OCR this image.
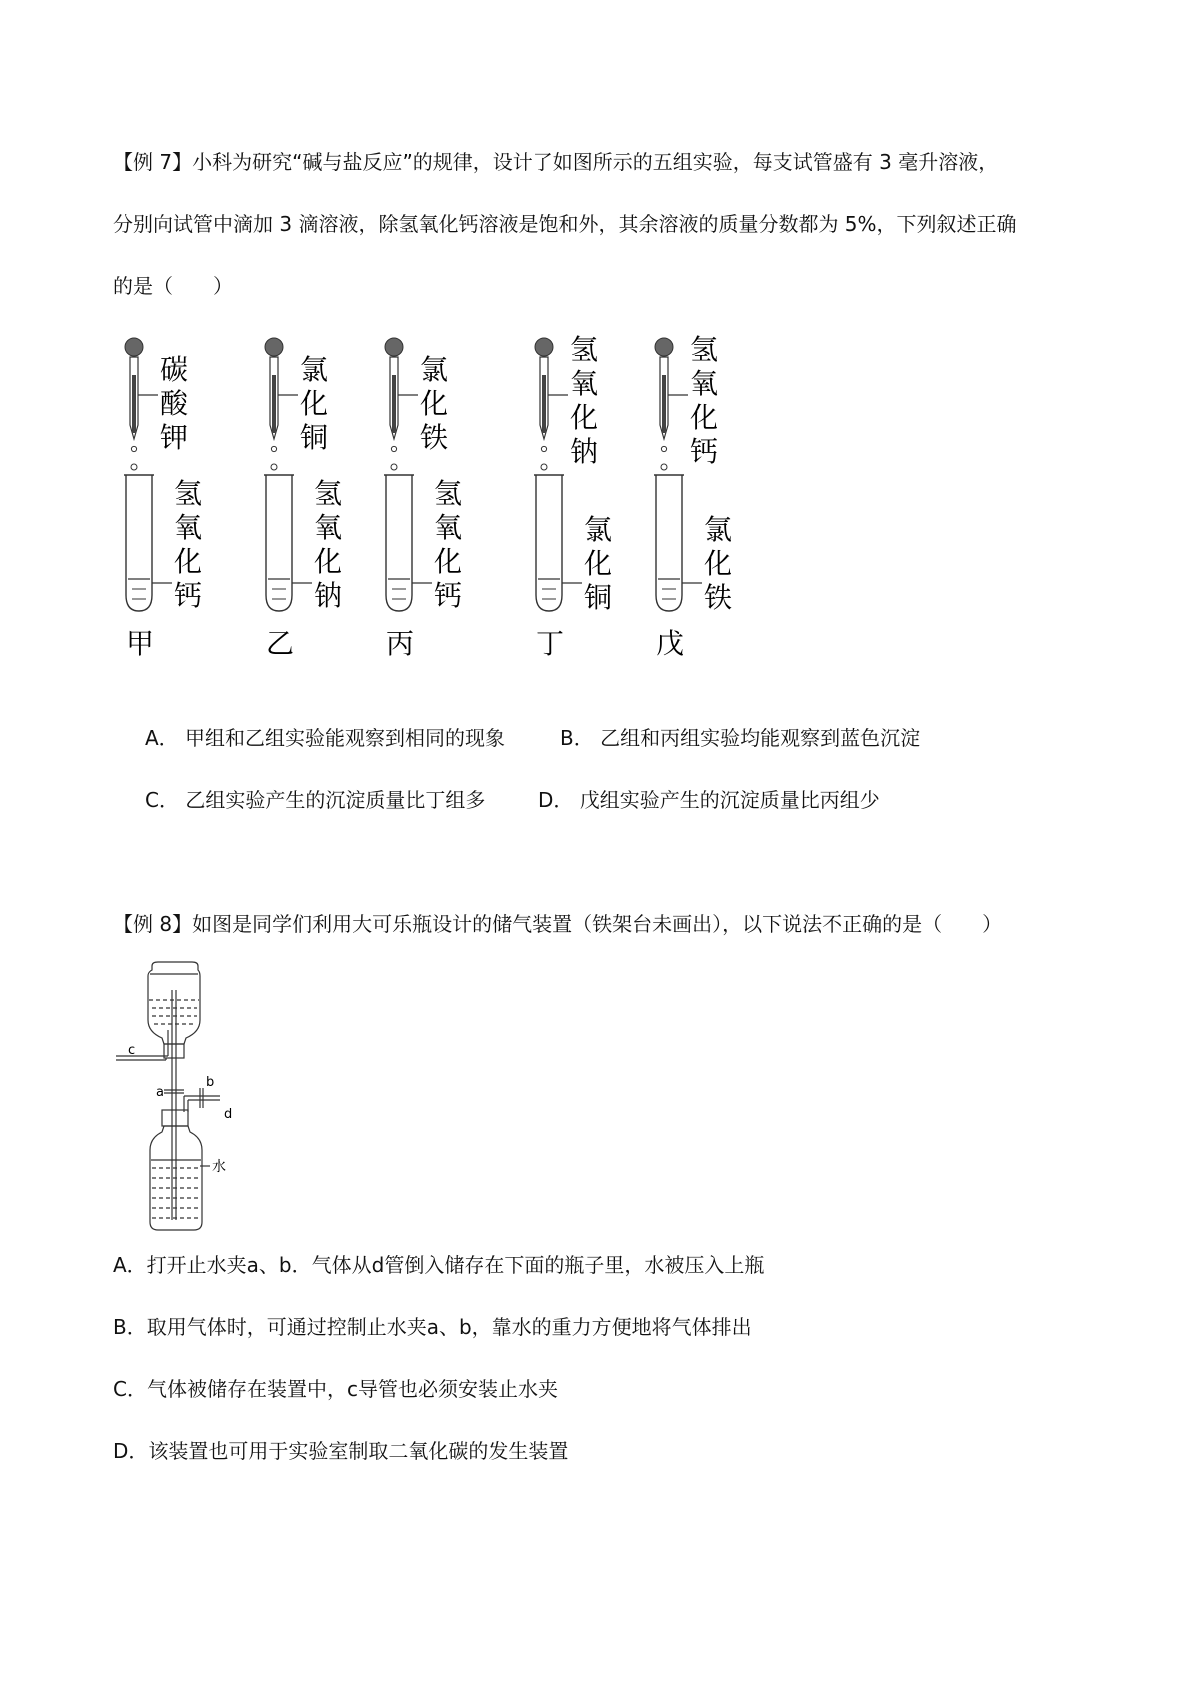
【例 7】小科为研究“碱与盐反应”的规律，设计了如图所示的五组实验，每支试管盛有 3 毫升溶液，
分别向试管中滴加 3 滴溶液，除氢氧化钙溶液是饱和外，其余溶液的质量分数都为 5%，下列叙述正确
的是（　　）
碳
酸
钾
氢
氧
化
钙
甲
氯
化
铜
氢
氧
化
钠
乙
氯
化
铁
氢
氧
化
钙
丙
氢
氧
化
钠
氯
化
铜
丁
氢
氧
化
钙
氯
化
铁
戊
A． 甲组和乙组实验能观察到相同的现象	B． 乙组和丙组实验均能观察到蓝色沉淀
C． 乙组实验产生的沉淀质量比丁组多	D． 戊组实验产生的沉淀质量比丙组少
【例 8】如图是同学们利用大可乐瓶设计的储气装置（铁架台未画出），以下说法不正确的是（　　）
c
a
b
d
水
A．打开止水夹a、b．气体从d管倒入储存在下面的瓶子里，水被压入上瓶
B．取用气体时，可通过控制止水夹a、b，靠水的重力方便地将气体排出
C．气体被储存在装置中，c导管也必须安装止水夹
D．该装置也可用于实验室制取二氧化碳的发生装置
